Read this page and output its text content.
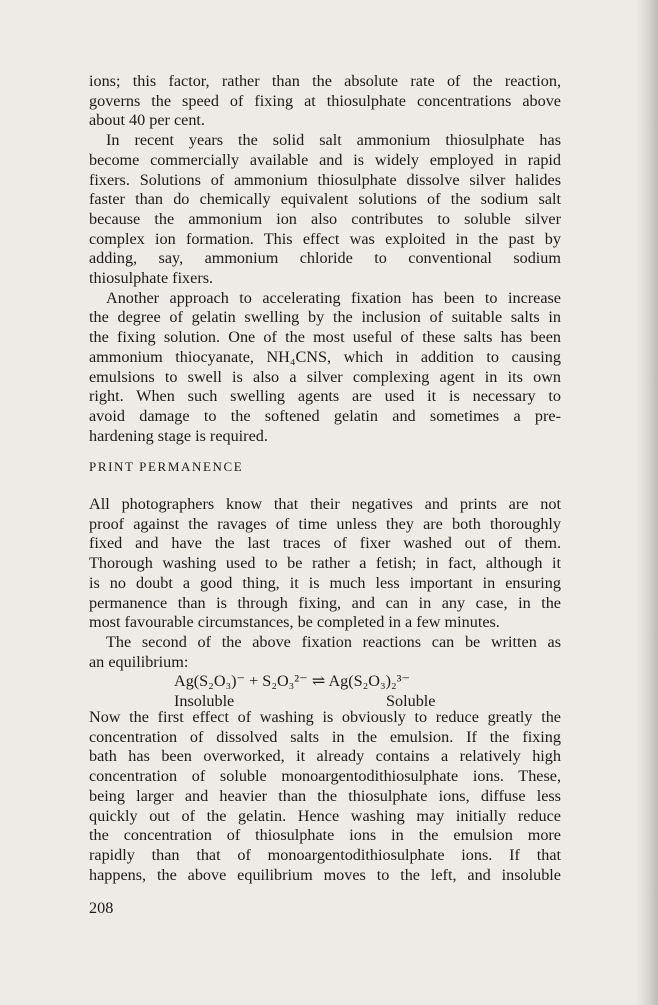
ions; this factor, rather than the absolute rate of the reaction,
governs the speed of fixing at thiosulphate concentrations above
about 40 per cent.
In recent years the solid salt ammonium thiosulphate has
become commercially available and is widely employed in rapid
fixers. Solutions of ammonium thiosulphate dissolve silver halides
faster than do chemically equivalent solutions of the sodium salt
because the ammonium ion also contributes to soluble silver
complex ion formation. This effect was exploited in the past by
adding, say, ammonium chloride to conventional sodium
thiosulphate fixers.
Another approach to accelerating fixation has been to increase
the degree of gelatin swelling by the inclusion of suitable salts in
the fixing solution. One of the most useful of these salts has been
ammonium thiocyanate, NH₄CNS, which in addition to causing
emulsions to swell is also a silver complexing agent in its own
right. When such swelling agents are used it is necessary to
avoid damage to the softened gelatin and sometimes a pre-
hardening stage is required.
PRINT PERMANENCE
All photographers know that their negatives and prints are not
proof against the ravages of time unless they are both thoroughly
fixed and have the last traces of fixer washed out of them.
Thorough washing used to be rather a fetish; in fact, although it
is no doubt a good thing, it is much less important in ensuring
permanence than is through fixing, and can in any case, in the
most favourable circumstances, be completed in a few minutes.
The second of the above fixation reactions can be written as
an equilibrium:
Ag(S₂O₃)⁻ + S₂O₃²⁻ ⇌ Ag(S₂O₃)₂³⁻
Insoluble	Soluble
Now the first effect of washing is obviously to reduce greatly the
concentration of dissolved salts in the emulsion. If the fixing
bath has been overworked, it already contains a relatively high
concentration of soluble monoargentodithiosulphate ions. These,
being larger and heavier than the thiosulphate ions, diffuse less
quickly out of the gelatin. Hence washing may initially reduce
the concentration of thiosulphate ions in the emulsion more
rapidly than that of monoargentodithiosulphate ions. If that
happens, the above equilibrium moves to the left, and insoluble
208
